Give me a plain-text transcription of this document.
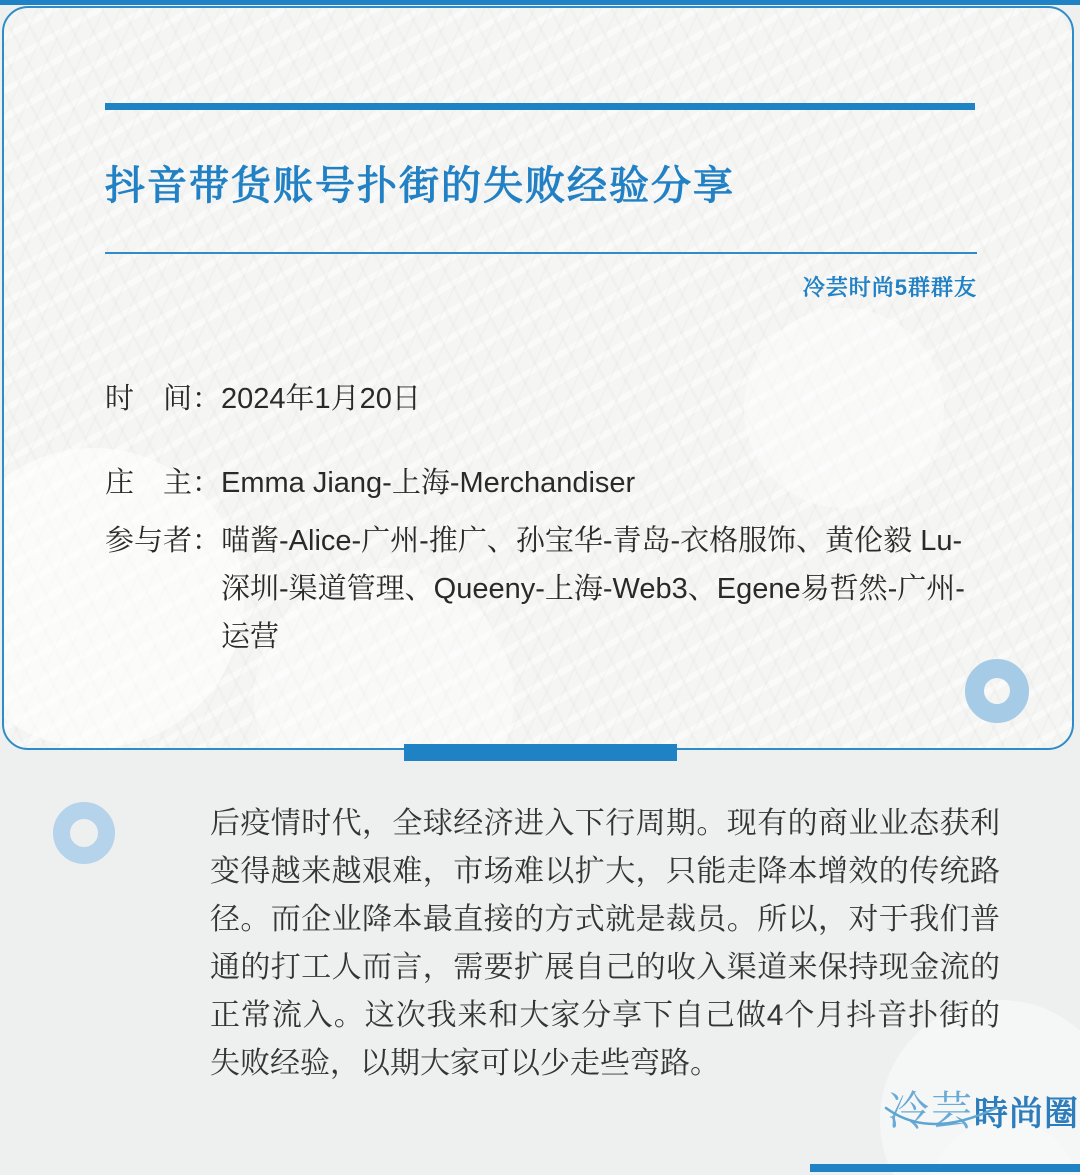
抖音带货账号扑街的失败经验分享
冷芸时尚5群群友
时　间： 2024年1月20日
庄　主： Emma Jiang-上海-Merchandiser
参与者： 喵酱-Alice-广州-推广、孙宝华-青岛-衣格服饰、黄伦毅 Lu-深圳-渠道管理、Queeny-上海-Web3、Egene易哲然-广州-运营
后疫情时代，全球经济进入下行周期。现有的商业业态获利变得越来越艰难，市场难以扩大，只能走降本增效的传统路径。而企业降本最直接的方式就是裁员。所以，对于我们普通的打工人而言，需要扩展自己的收入渠道来保持现金流的正常流入。这次我来和大家分享下自己做4个月抖音扑街的失败经验，以期大家可以少走些弯路。
冷芸 時尚圈
